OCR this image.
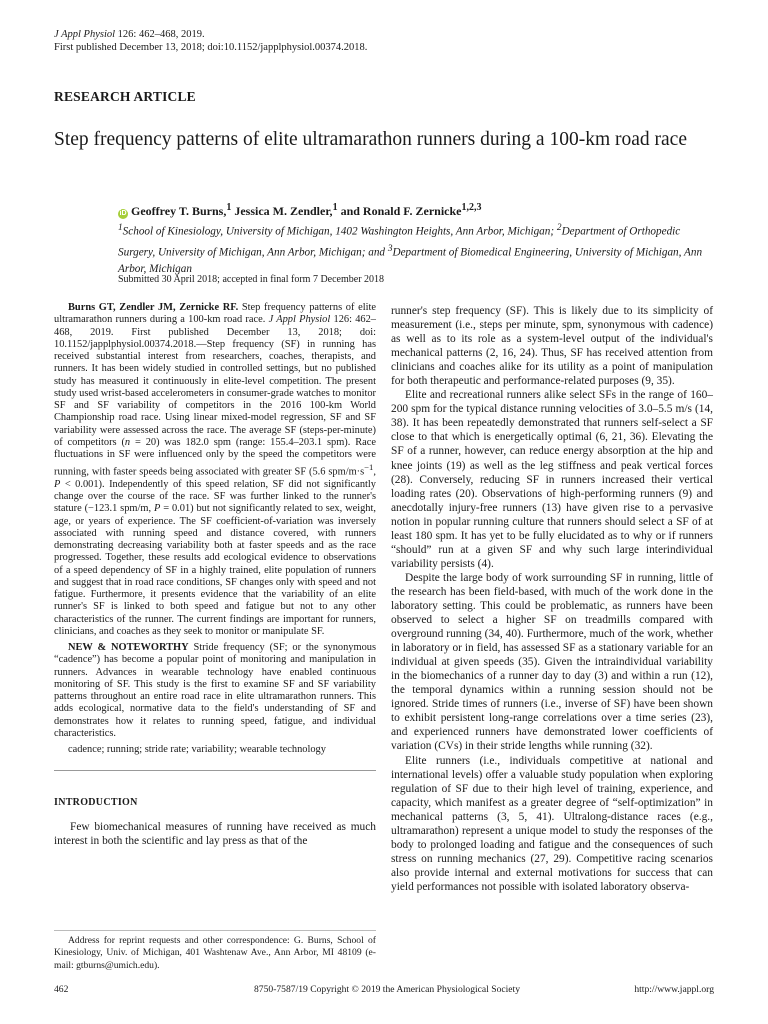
J Appl Physiol 126: 462–468, 2019.
First published December 13, 2018; doi:10.1152/japplphysiol.00374.2018.
RESEARCH ARTICLE
Step frequency patterns of elite ultramarathon runners during a 100-km road race
iD Geoffrey T. Burns,$^1$ Jessica M. Zendler,$^1$ and Ronald F. Zernicke$^{1,2,3}$
$^1$School of Kinesiology, University of Michigan, 1402 Washington Heights, Ann Arbor, Michigan; $^2$Department of Orthopedic Surgery, University of Michigan, Ann Arbor, Michigan; and $^3$Department of Biomedical Engineering, University of Michigan, Ann Arbor, Michigan
Submitted 30 April 2018; accepted in final form 7 December 2018

Burns GT, Zendler JM, Zernicke RF. Step frequency patterns of elite ultramarathon runners during a 100-km road race. J Appl Physiol 126: 462–468, 2019. First published December 13, 2018; doi: 10.1152/japplphysiol.00374.2018.—Step frequency (SF) in running has received substantial interest from researchers, coaches, therapists, and runners. It has been widely studied in controlled settings, but no published study has measured it continuously in elite-level competition. The present study used wrist-based accelerometers in consumer-grade watches to monitor SF and SF variability of competitors in the 2016 100-km World Championship road race. Using linear mixed-model regression, SF and SF variability were assessed across the race. The average SF (steps-per-minute) of competitors (n = 20) was 182.0 spm (range: 155.4–203.1 spm). Race fluctuations in SF were influenced only by the speed the competitors were running, with faster speeds being associated with greater SF (5.6 spm/$m\cdot s^{-1}$, P < 0.001). Independently of this speed relation, SF did not significantly change over the course of the race. SF was further linked to the runner's stature (−123.1 spm/m, P = 0.01) but not significantly related to sex, weight, age, or years of experience. The SF coefficient-of-variation was inversely associated with running speed and distance covered, with runners demonstrating decreasing variability both at faster speeds and as the race progressed. Together, these results add ecological evidence to observations of a speed dependency of SF in a highly trained, elite population of runners and suggest that in road race conditions, SF changes only with speed and not fatigue. Furthermore, it presents evidence that the variability of an elite runner's SF is linked to both speed and fatigue but not to any other characteristics of the runner. The current findings are important for runners, clinicians, and coaches as they seek to monitor or manipulate SF.

NEW & NOTEWORTHY Stride frequency (SF; or the synonymous “cadence”) has become a popular point of monitoring and manipulation in runners. Advances in wearable technology have enabled continuous monitoring of SF. This study is the first to examine SF and SF variability patterns throughout an entire road race in elite ultramarathon runners. This adds ecological, normative data to the field's understanding of SF and demonstrates how it relates to running speed, fatigue, and individual characteristics.

cadence; running; stride rate; variability; wearable technology

INTRODUCTION

Few biomechanical measures of running have received as much interest in both the scientific and lay press as that of the

runner's step frequency (SF). This is likely due to its simplicity of measurement (i.e., steps per minute, spm, synonymous with cadence) as well as to its role as a system-level output of the individual's mechanical patterns (2, 16, 24). Thus, SF has received attention from clinicians and coaches alike for its utility as a point of manipulation for both therapeutic and performance-related purposes (9, 35).

Elite and recreational runners alike select SFs in the range of 160–200 spm for the typical distance running velocities of 3.0–5.5 m/s (14, 38). It has been repeatedly demonstrated that runners self-select a SF close to that which is energetically optimal (6, 21, 36). Elevating the SF of a runner, however, can reduce energy absorption at the hip and knee joints (19) as well as the leg stiffness and peak vertical forces (28). Conversely, reducing SF in runners increased their vertical loading rates (20). Observations of high-performing runners (9) and anecdotally injury-free runners (13) have given rise to a pervasive notion in popular running culture that runners should select a SF of at least 180 spm. It has yet to be fully elucidated as to why or if runners “should” run at a given SF and why such large interindividual variability persists (4).

Despite the large body of work surrounding SF in running, little of the research has been field-based, with much of the work done in the laboratory setting. This could be problematic, as runners have been observed to select a higher SF on treadmills compared with overground running (34, 40). Furthermore, much of the work, whether in laboratory or in field, has assessed SF as a stationary variable for an individual at given speeds (35). Given the intraindividual variability in the biomechanics of a runner day to day (3) and within a run (12), the temporal dynamics within a running session should not be ignored. Stride times of runners (i.e., inverse of SF) have been shown to exhibit persistent long-range correlations over a time series (23), and experienced runners have demonstrated lower coefficients of variation (CVs) in their stride lengths while running (32).

Elite runners (i.e., individuals competitive at national and international levels) offer a valuable study population when exploring regulation of SF due to their high level of training, experience, and capacity, which manifest as a greater degree of “self-optimization” in mechanical patterns (3, 5, 41). Ultralong-distance races (e.g., ultramarathon) represent a unique model to study the responses of the body to prolonged loading and fatigue and the consequences of such stress on running mechanics (27, 29). Competitive racing scenarios also provide internal and external motivations for success that can yield performances not possible with isolated laboratory observa-

Address for reprint requests and other correspondence: G. Burns, School of Kinesiology, Univ. of Michigan, 401 Washtenaw Ave., Ann Arbor, MI 48109 (e-mail: gtburns@umich.edu).

462	8750-7587/19 Copyright © 2019 the American Physiological Society	http://www.jappl.org
